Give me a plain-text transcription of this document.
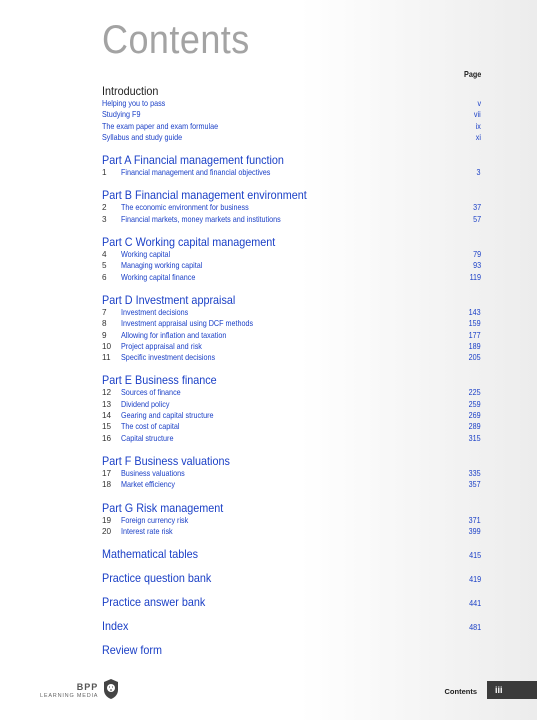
Contents
Page
Introduction
Helping you to pass	v
Studying F9	vii
The exam paper and exam formulae	ix
Syllabus and study guide	xi
Part A Financial management function
1	Financial management and financial objectives	3
Part B Financial management environment
2	The economic environment for business	37
3	Financial markets, money markets and institutions	57
Part C Working capital management
4	Working capital	79
5	Managing working capital	93
6	Working capital finance	119
Part D Investment appraisal
7	Investment decisions	143
8	Investment appraisal using DCF methods	159
9	Allowing for inflation and taxation	177
10	Project appraisal and risk	189
11	Specific investment decisions	205
Part E Business finance
12	Sources of finance	225
13	Dividend policy	259
14	Gearing and capital structure	269
15	The cost of capital	289
16	Capital structure	315
Part F Business valuations
17	Business valuations	335
18	Market efficiency	357
Part G Risk management
19	Foreign currency risk	371
20	Interest rate risk	399
Mathematical tables	415
Practice question bank	419
Practice answer bank	441
Index	481
Review form
BPP
LEARNING MEDIA	Contents	iii
